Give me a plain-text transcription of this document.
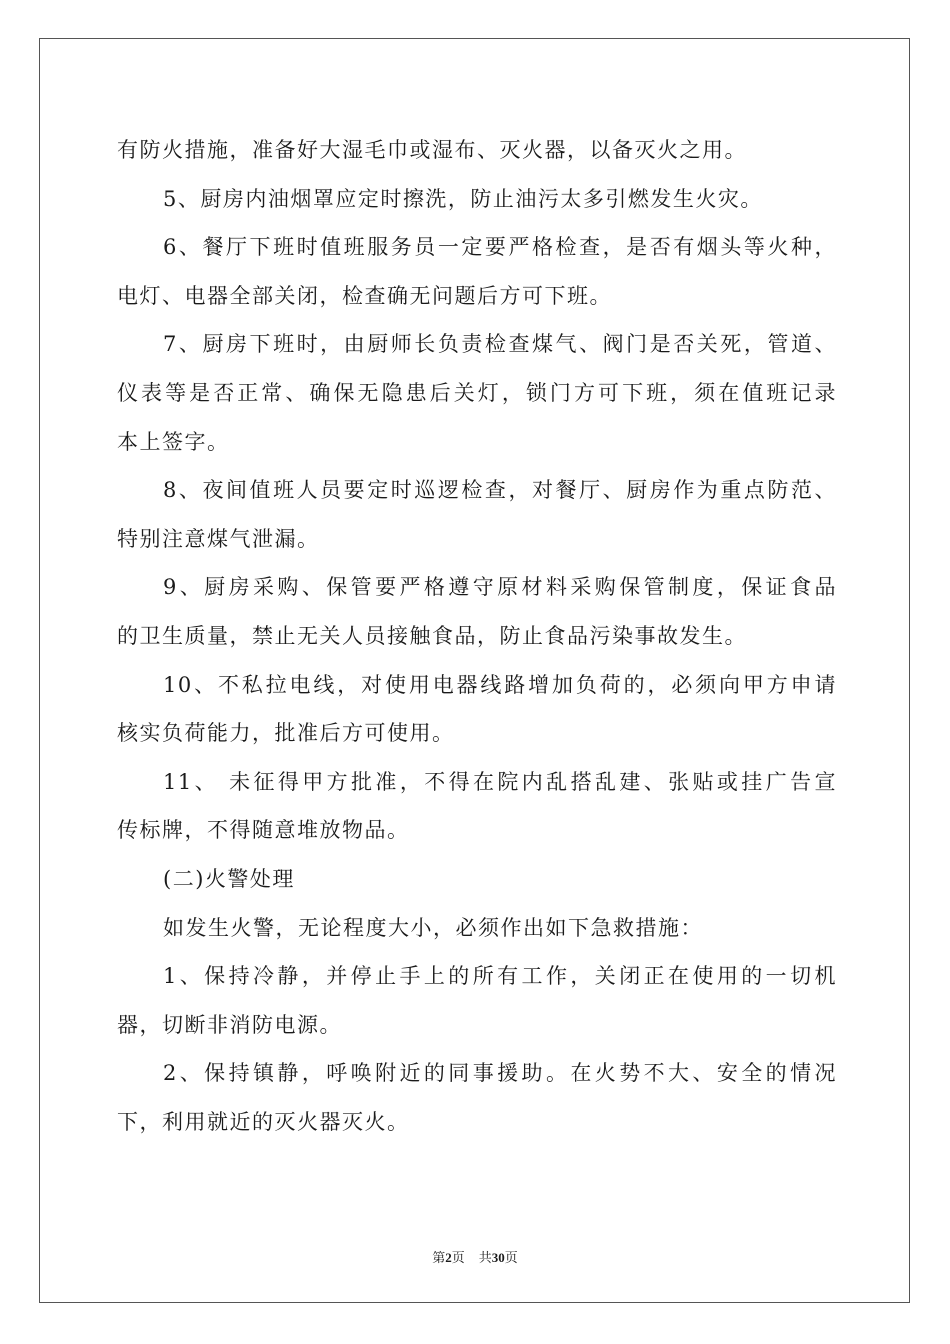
有防火措施，准备好大湿毛巾或湿布、灭火器，以备灭火之用。
5、厨房内油烟罩应定时擦洗，防止油污太多引燃发生火灾。
6、餐厅下班时值班服务员一定要严格检查，是否有烟头等火种，
电灯、电器全部关闭，检查确无问题后方可下班。
7、厨房下班时，由厨师长负责检查煤气、阀门是否关死，管道、
仪表等是否正常、确保无隐患后关灯，锁门方可下班，须在值班记录
本上签字。
8、夜间值班人员要定时巡逻检查，对餐厅、厨房作为重点防范、
特别注意煤气泄漏。
9、厨房采购、保管要严格遵守原材料采购保管制度，保证食品
的卫生质量，禁止无关人员接触食品，防止食品污染事故发生。
10、不私拉电线，对使用电器线路增加负荷的，必须向甲方申请
核实负荷能力，批准后方可使用。
11、 未征得甲方批准，不得在院内乱搭乱建、张贴或挂广告宣
传标牌，不得随意堆放物品。
(二)火警处理
如发生火警，无论程度大小，必须作出如下急救措施：
1、保持冷静，并停止手上的所有工作，关闭正在使用的一切机
器，切断非消防电源。
2、保持镇静，呼唤附近的同事援助。在火势不大、安全的情况
下，利用就近的灭火器灭火。
第2页 共30页
